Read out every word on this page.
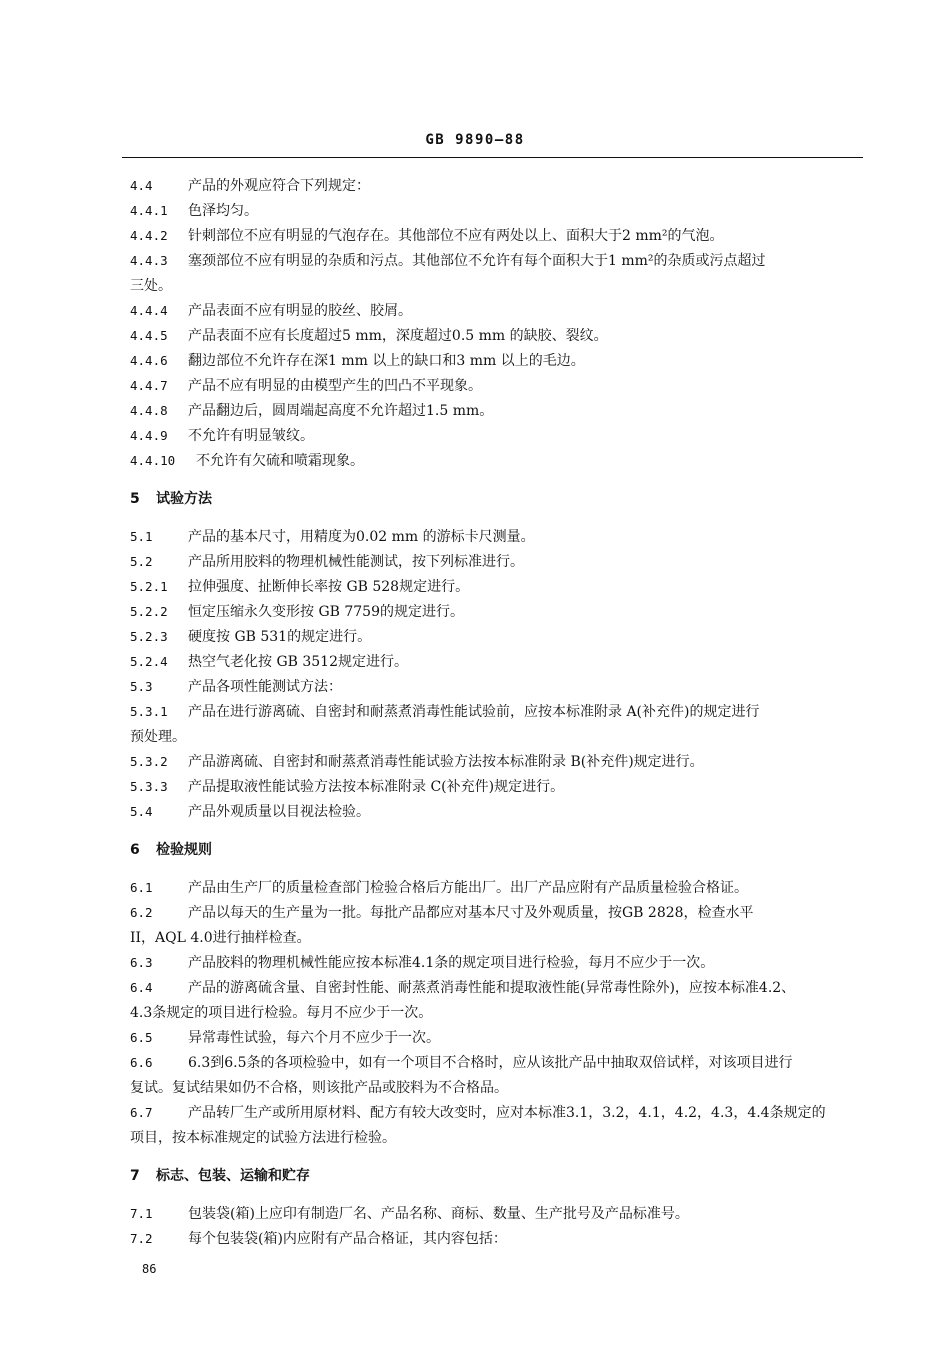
GB 9890—88
4.4	产品的外观应符合下列规定：
4.4.1 色泽均匀。
4.4.2 针刺部位不应有明显的气泡存在。其他部位不应有两处以上、面积大于2 mm²的气泡。
4.4.3 塞颈部位不应有明显的杂质和污点。其他部位不允许有每个面积大于1 mm²的杂质或污点超过
三处。
4.4.4 产品表面不应有明显的胶丝、胶屑。
4.4.5 产品表面不应有长度超过5 mm，深度超过0.5 mm 的缺胶、裂纹。
4.4.6 翻边部位不允许存在深1 mm 以上的缺口和3 mm 以上的毛边。
4.4.7 产品不应有明显的由模型产生的凹凸不平现象。
4.4.8 产品翻边后，圆周端起高度不允许超过1.5 mm。
4.4.9 不允许有明显皱纹。
4.4.10 不允许有欠硫和喷霜现象。
5 试验方法
5.1	产品的基本尺寸，用精度为0.02 mm 的游标卡尺测量。
5.2	产品所用胶料的物理机械性能测试，按下列标准进行。
5.2.1 拉伸强度、扯断伸长率按 GB 528规定进行。
5.2.2 恒定压缩永久变形按 GB 7759的规定进行。
5.2.3 硬度按 GB 531的规定进行。
5.2.4 热空气老化按 GB 3512规定进行。
5.3	产品各项性能测试方法：
5.3.1 产品在进行游离硫、自密封和耐蒸煮消毒性能试验前，应按本标准附录 A(补充件)的规定进行
预处理。
5.3.2 产品游离硫、自密封和耐蒸煮消毒性能试验方法按本标准附录 B(补充件)规定进行。
5.3.3 产品提取液性能试验方法按本标准附录 C(补充件)规定进行。
5.4	产品外观质量以目视法检验。
6 检验规则
6.1	产品由生产厂的质量检查部门检验合格后方能出厂。出厂产品应附有产品质量检验合格证。
6.2	产品以每天的生产量为一批。每批产品都应对基本尺寸及外观质量，按GB 2828，检查水平
II，AQL 4.0进行抽样检查。
6.3	产品胶料的物理机械性能应按本标准4.1条的规定项目进行检验，每月不应少于一次。
6.4	产品的游离硫含量、自密封性能、耐蒸煮消毒性能和提取液性能(异常毒性除外)，应按本标准4.2、
4.3条规定的项目进行检验。每月不应少于一次。
6.5	异常毒性试验，每六个月不应少于一次。
6.6	6.3到6.5条的各项检验中，如有一个项目不合格时，应从该批产品中抽取双倍试样，对该项目进行
复试。复试结果如仍不合格，则该批产品或胶料为不合格品。
6.7	产品转厂生产或所用原材料、配方有较大改变时，应对本标准3.1，3.2，4.1，4.2，4.3，4.4条规定的
项目，按本标准规定的试验方法进行检验。
7 标志、包装、运输和贮存
7.1	包装袋(箱)上应印有制造厂名、产品名称、商标、数量、生产批号及产品标准号。
7.2	每个包装袋(箱)内应附有产品合格证，其内容包括：
86
